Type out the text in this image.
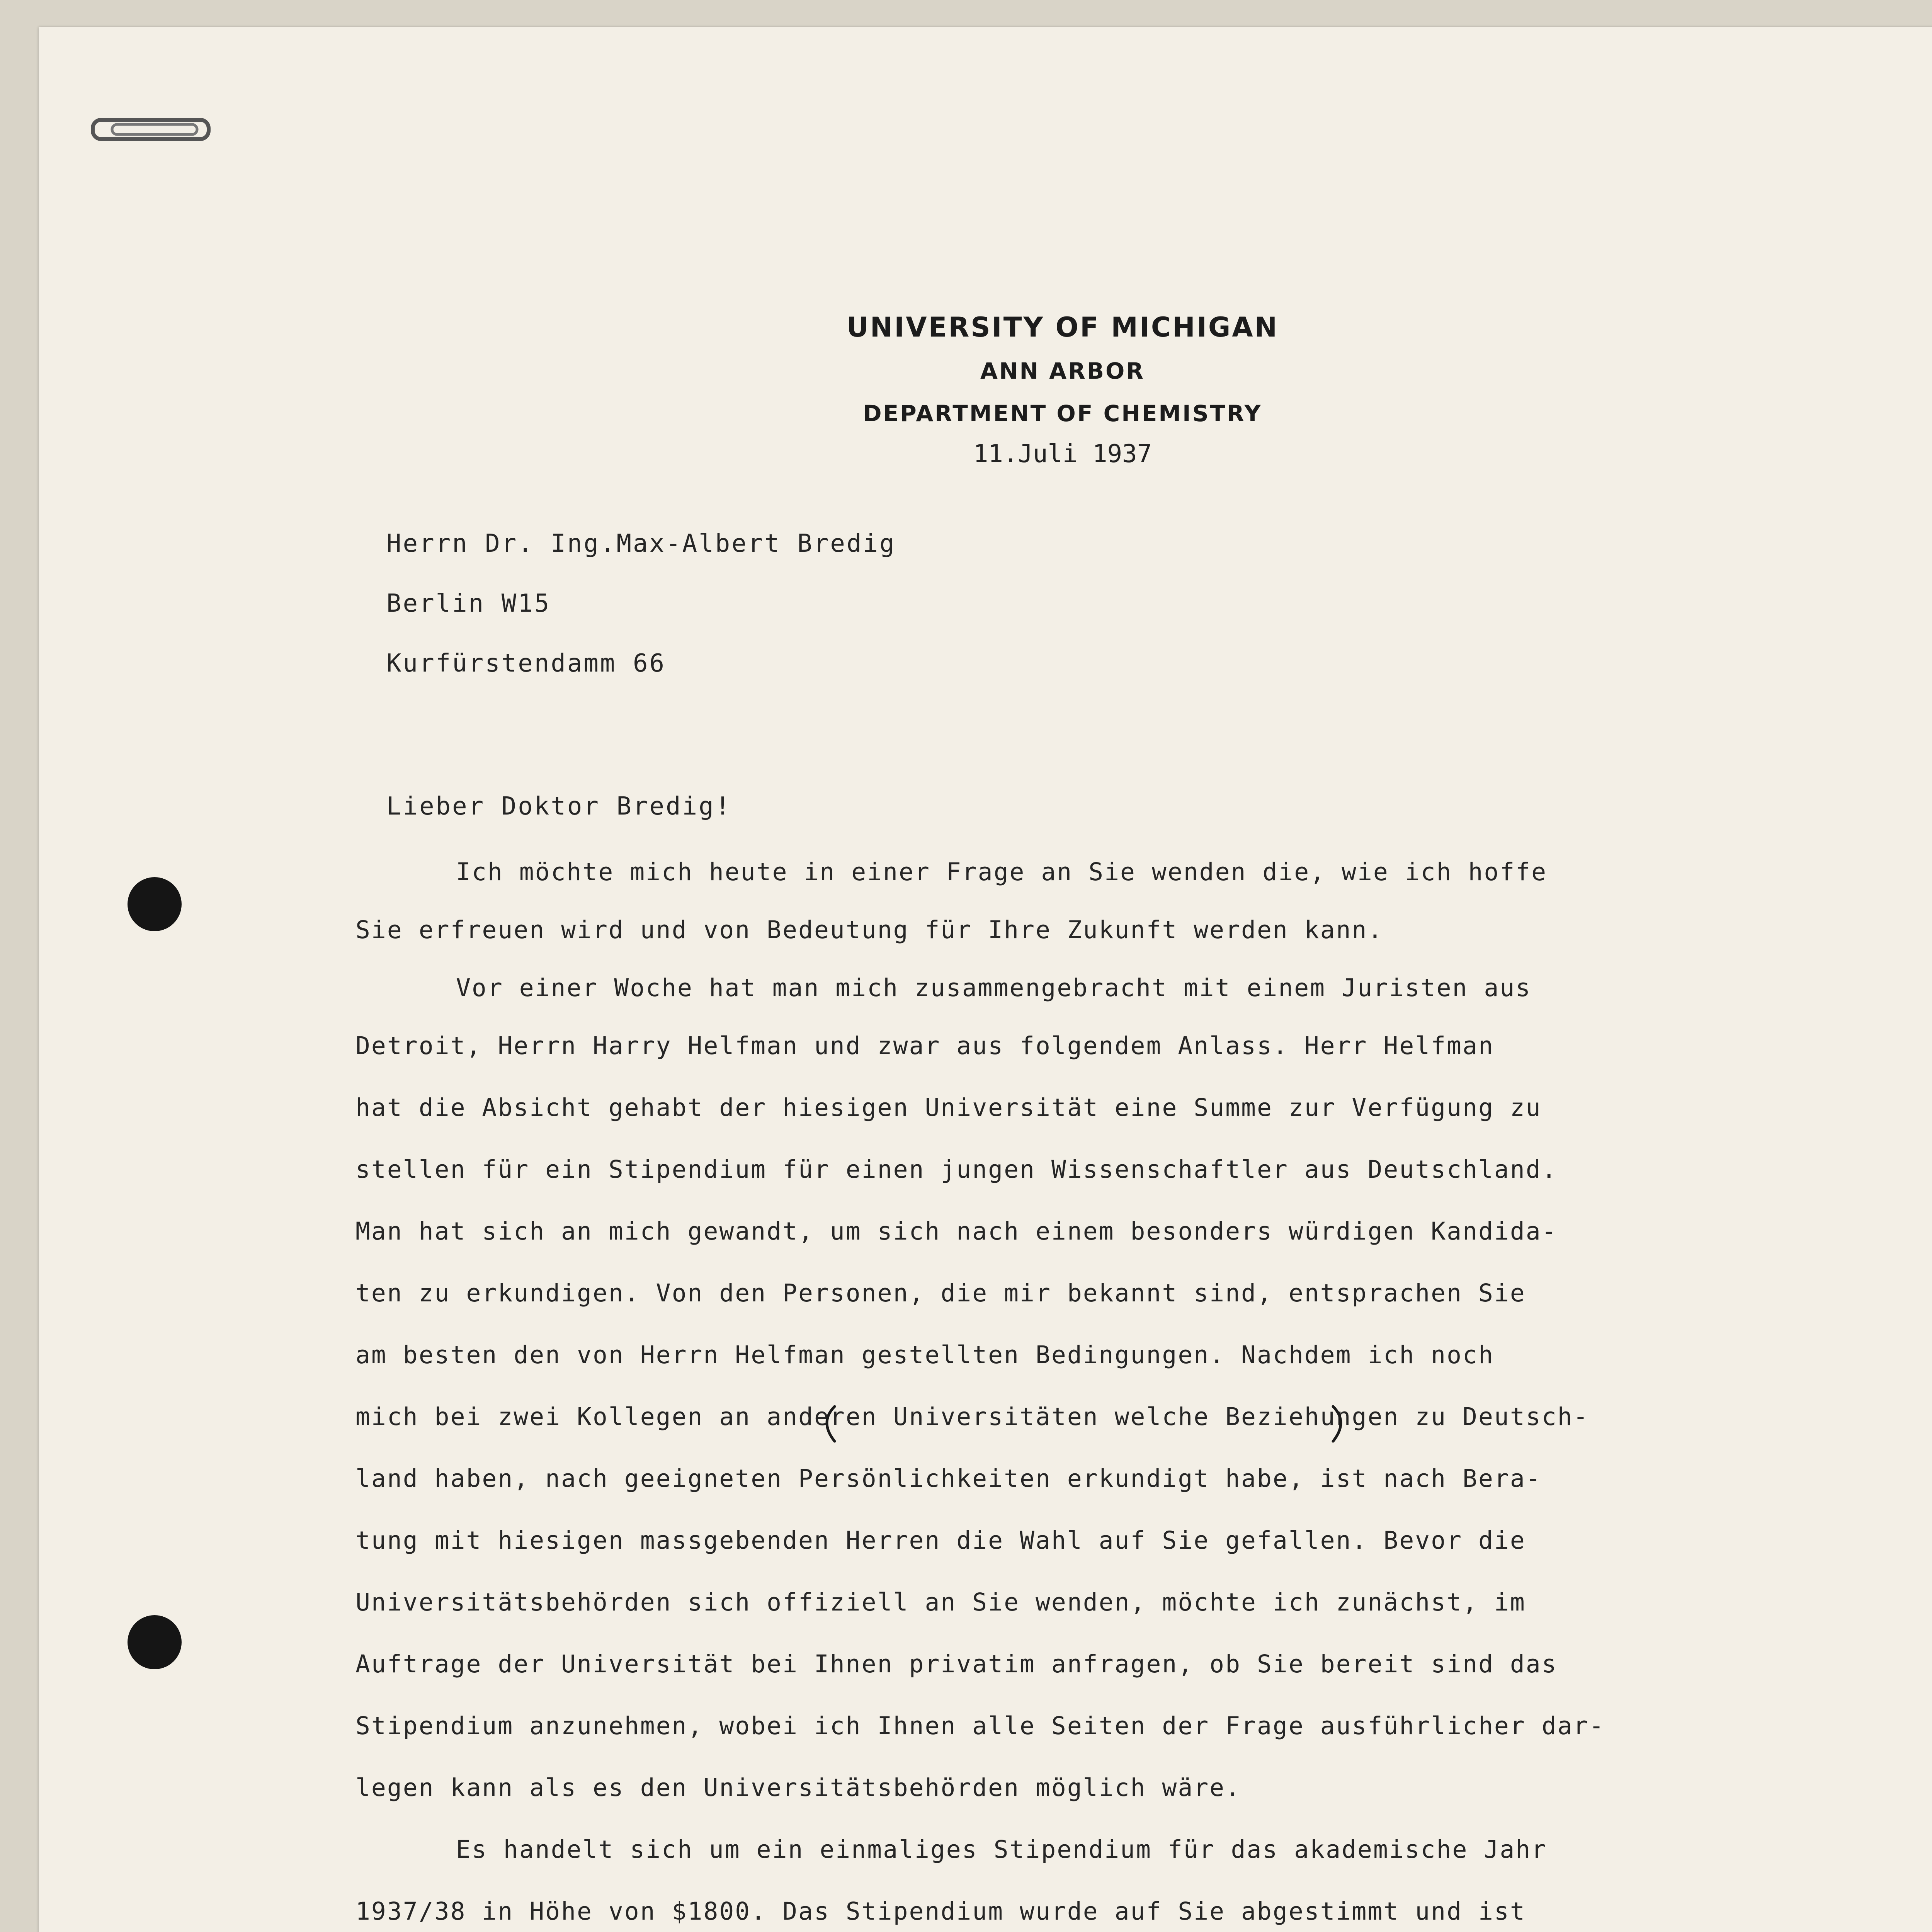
UNIVERSITY OF MICHIGAN
ANN ARBOR
DEPARTMENT OF CHEMISTRY
11.Juli 1937
Herrn Dr. Ing.Max-Albert Bredig
Berlin W15
Kurfürstendamm 66
Lieber Doktor Bredig!
Ich möchte mich heute in einer Frage an Sie wenden die, wie ich hoffe
Sie erfreuen wird und von Bedeutung für Ihre Zukunft werden kann.
Vor einer Woche hat man mich zusammengebracht mit einem Juristen aus
Detroit, Herrn Harry Helfman und zwar aus folgendem Anlass. Herr Helfman
hat die Absicht gehabt der hiesigen Universität eine Summe zur Verfügung zu
stellen für ein Stipendium für einen jungen Wissenschaftler aus Deutschland.
Man hat sich an mich gewandt, um sich nach einem besonders würdigen Kandida-
ten zu erkundigen. Von den Personen, die mir bekannt sind, entsprachen Sie
am besten den von Herrn Helfman gestellten Bedingungen. Nachdem ich noch
mich bei zwei Kollegen an anderen Universitäten welche Beziehungen zu Deutsch-
land haben, nach geeigneten Persönlichkeiten erkundigt habe, ist nach Bera-
tung mit hiesigen massgebenden Herren die Wahl auf Sie gefallen. Bevor die
Universitätsbehörden sich offiziell an Sie wenden, möchte ich zunächst, im
Auftrage der Universität bei Ihnen privatim anfragen, ob Sie bereit sind das
Stipendium anzunehmen, wobei ich Ihnen alle Seiten der Frage ausführlicher dar-
legen kann als es den Universitätsbehörden möglich wäre.
Es handelt sich um ein einmaliges Stipendium für das akademische Jahr
1937/38 in Höhe von $1800. Das Stipendium wurde auf Sie abgestimmt und ist
